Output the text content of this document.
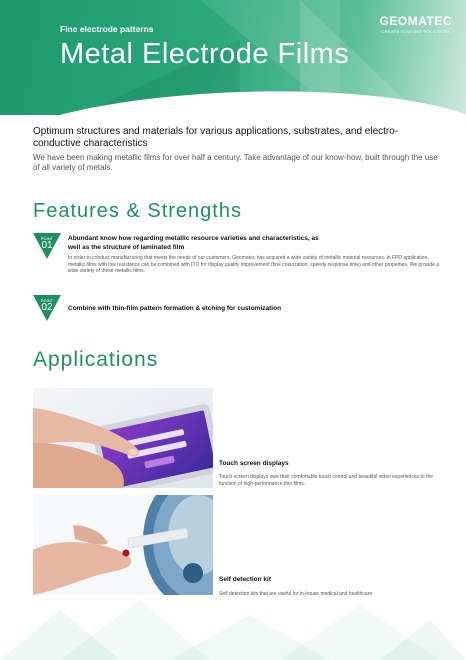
Fine electrode patterns
Metal Electrode Films
GEOMATEC
CREATE COATING SOLUTIONS
Optimum structures and materials for various applications, substrates, and electro-conductive characteristics
We have been making metallic films for over half a century. Take advantage of our know-how, built through the use of all variety of metals.
Features & Strengths
POINT
01
Abundant know how regarding metallic resource varieties and characteristics, as well as the structure of laminated film
In order to conduct manufacturing that meets the needs of our customers, Geomatec has acquired a wide variety of metallic material resources. In FPD application, metallic films with low resistance can be combined with ITO for display quality improvement (fine colorization, speedy response time) and other properties. We provide a wide variety of these metallic films.
POINT
02	Combine with thin-film pattern formation & etching for customization
Applications
Touch screen displays
Touch screen displays owe their comfortable touch control and beautiful video experiences to the function of high-performance thin films.
Self detection kit
Self detection kits that are useful for in-house medical and healthcare
